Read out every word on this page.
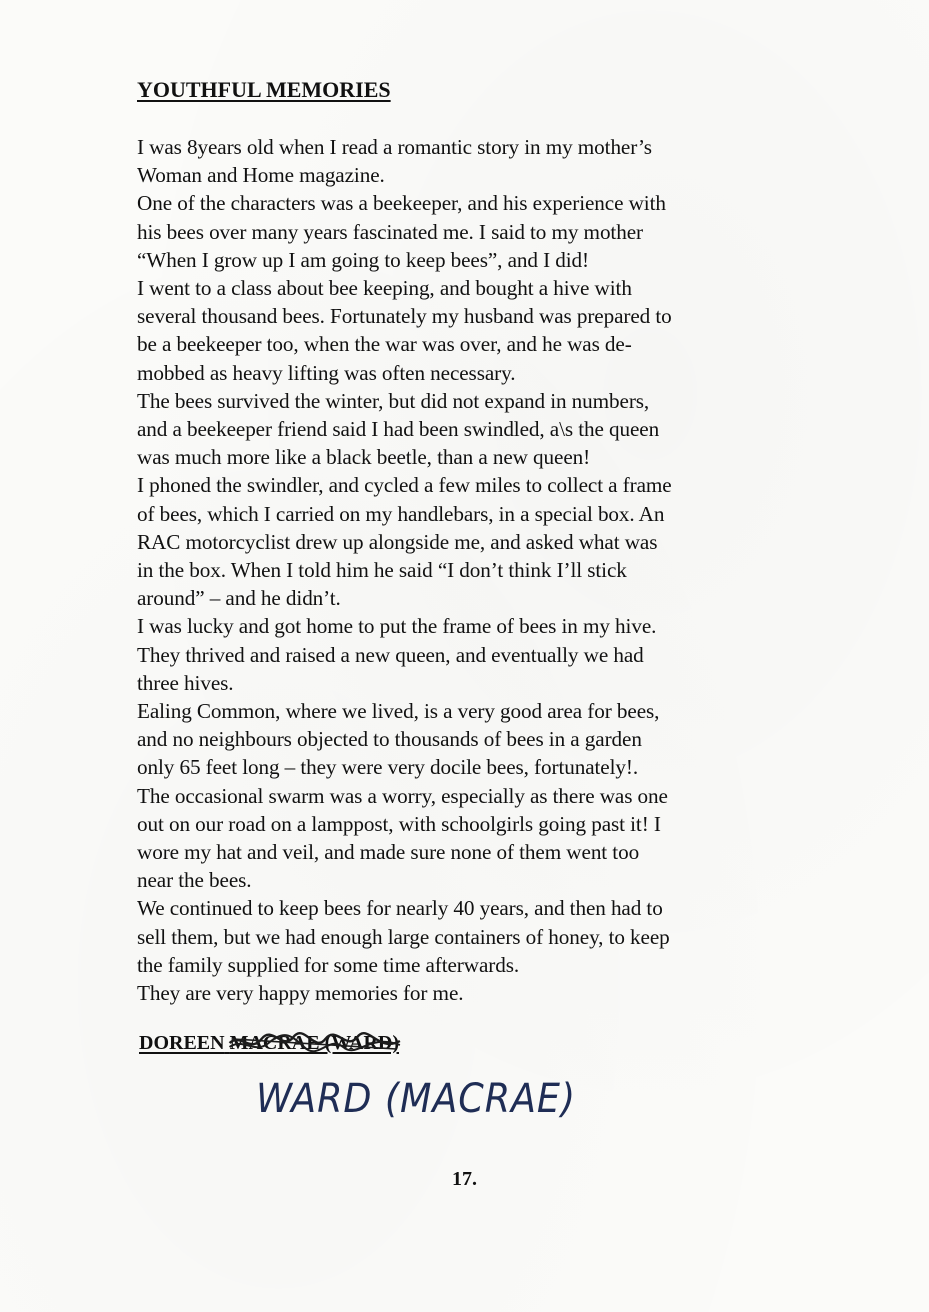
YOUTHFUL MEMORIES
I was 8years old when I read a romantic story in my mother’s
Woman and Home magazine.
One of the characters was a beekeeper, and his experience with
his bees over many years fascinated me. I said to my mother
“When I grow up I am going to keep bees”, and I did!
I went to a class about bee keeping, and bought a hive with
several thousand bees. Fortunately my husband was prepared to
be a beekeeper too, when the war was over, and he was de-
mobbed as heavy lifting was often necessary.
The bees survived the winter, but did not expand in numbers,
and a beekeeper friend said I had been swindled, a\s the queen
was much more like a black beetle, than a new queen!
I phoned the swindler, and cycled a few miles to collect a frame
of bees, which I carried on my handlebars, in a special box. An
RAC motorcyclist drew up alongside me, and asked what was
in the box. When I told him he said “I don’t think I’ll stick
around” – and he didn’t.
I was lucky and got home to put the frame of bees in my hive.
They thrived and raised a new queen, and eventually we had
three hives.
Ealing Common, where we lived, is a very good area for bees,
and no neighbours objected to thousands of bees in a garden
only 65 feet long – they were very docile bees, fortunately!.
The occasional swarm was a worry, especially as there was one
out on our road on a lamppost, with schoolgirls going past it! I
wore my hat and veil, and made sure none of them went too
near the bees.
We continued to keep bees for nearly 40 years, and then had to
sell them, but we had enough large containers of honey, to keep
the family supplied for some time afterwards.
They are very happy memories for me.
DOREEN MACRAE (WARD)
WARD (MACRAE)
17.
